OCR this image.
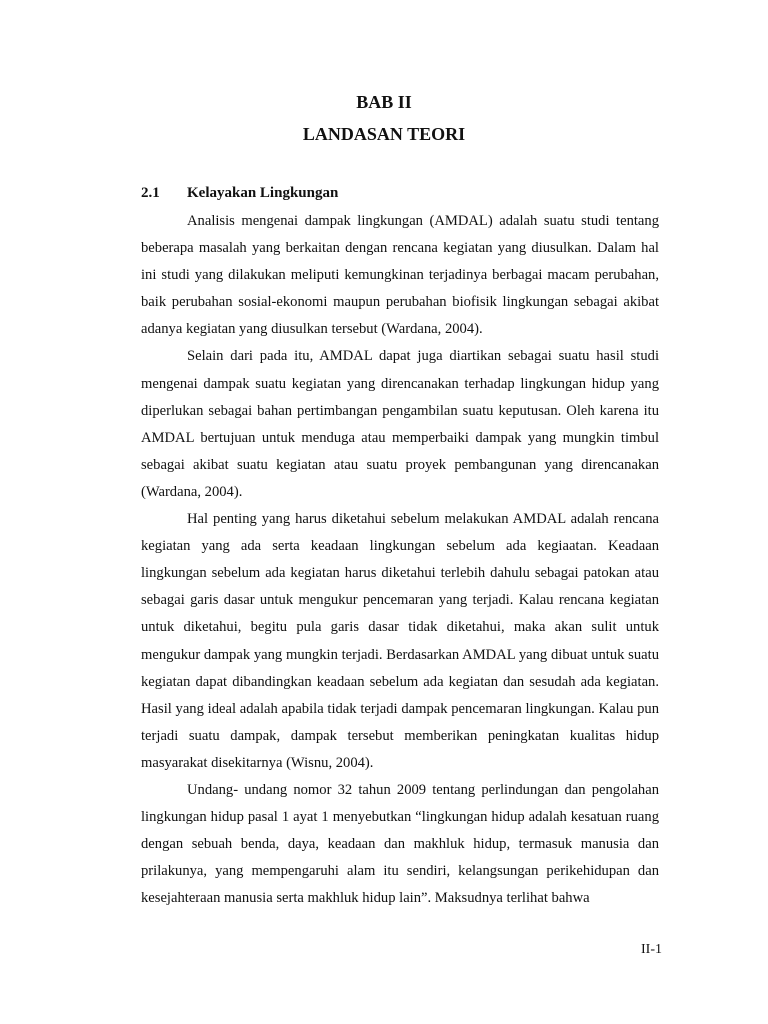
BAB II
LANDASAN TEORI
2.1 Kelayakan Lingkungan

Analisis mengenai dampak lingkungan (AMDAL) adalah suatu studi tentang beberapa masalah yang berkaitan dengan rencana kegiatan yang diusulkan. Dalam hal ini studi yang dilakukan meliputi kemungkinan terjadinya berbagai macam perubahan, baik perubahan sosial-ekonomi maupun perubahan biofisik lingkungan sebagai akibat adanya kegiatan yang diusulkan tersebut (Wardana, 2004).

Selain dari pada itu, AMDAL dapat juga diartikan sebagai suatu hasil studi mengenai dampak suatu kegiatan yang direncanakan terhadap lingkungan hidup yang diperlukan sebagai bahan pertimbangan pengambilan suatu keputusan. Oleh karena itu AMDAL bertujuan untuk menduga atau memperbaiki dampak yang mungkin timbul sebagai akibat suatu kegiatan atau suatu proyek pembangunan yang direncanakan (Wardana, 2004).

Hal penting yang harus diketahui sebelum melakukan AMDAL adalah rencana kegiatan yang ada serta keadaan lingkungan sebelum ada kegiaatan. Keadaan lingkungan sebelum ada kegiatan harus diketahui terlebih dahulu sebagai patokan atau sebagai garis dasar untuk mengukur pencemaran yang terjadi. Kalau rencana kegiatan untuk diketahui, begitu pula garis dasar tidak diketahui, maka akan sulit untuk mengukur dampak yang mungkin terjadi. Berdasarkan AMDAL yang dibuat untuk suatu kegiatan dapat dibandingkan keadaan sebelum ada kegiatan dan sesudah ada kegiatan. Hasil yang ideal adalah apabila tidak terjadi dampak pencemaran lingkungan. Kalau pun terjadi suatu dampak, dampak tersebut memberikan peningkatan kualitas hidup masyarakat disekitarnya (Wisnu, 2004).

Undang- undang nomor 32 tahun 2009 tentang perlindungan dan pengolahan lingkungan hidup pasal 1 ayat 1 menyebutkan “lingkungan hidup adalah kesatuan ruang dengan sebuah benda, daya, keadaan dan makhluk hidup, termasuk manusia dan prilakunya, yang mempengaruhi alam itu sendiri, kelangsungan perikehidupan dan kesejahteraan manusia serta makhluk hidup lain”. Maksudnya terlihat bahwa

II-1
